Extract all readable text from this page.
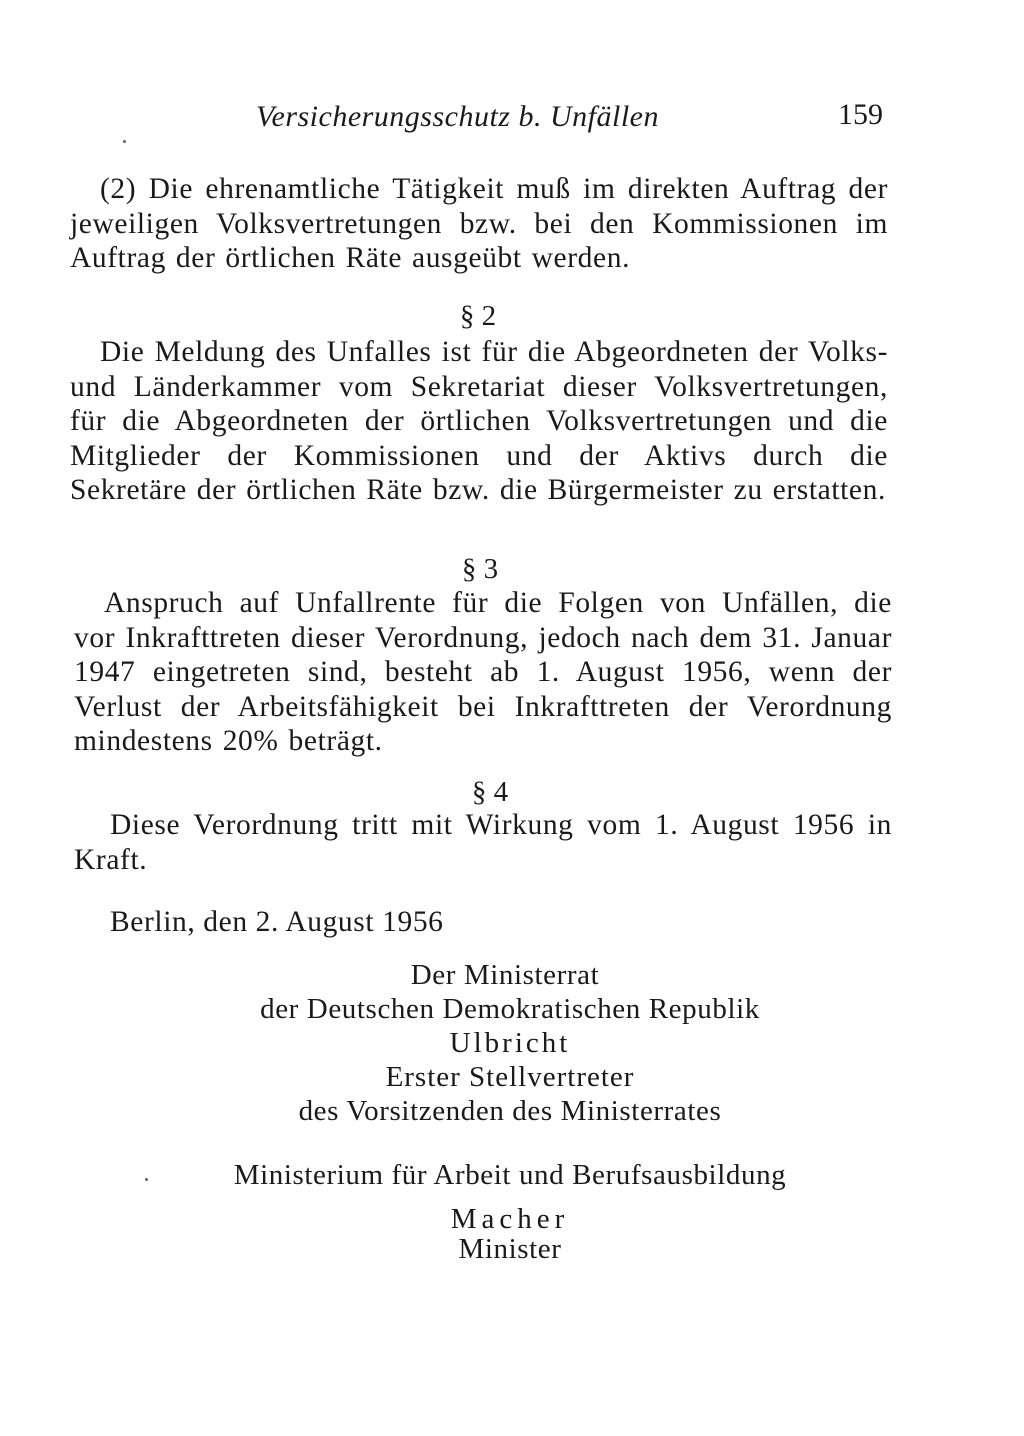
Versicherungsschutz b. Unfällen	159
(2) Die ehrenamtliche Tätigkeit muß im direkten Auftrag der jeweiligen Volksvertretungen bzw. bei den Kommissionen im Auftrag der örtlichen Räte ausgeübt werden.
§ 2
Die Meldung des Unfalles ist für die Abgeordneten der Volks- und Länderkammer vom Sekretariat dieser Volksvertretungen, für die Abgeordneten der örtlichen Volksvertretungen und die Mitglieder der Kommissionen und der Aktivs durch die Sekretäre der örtlichen Räte bzw. die Bürgermeister zu erstatten.
§ 3
Anspruch auf Unfallrente für die Folgen von Unfällen, die vor Inkrafttreten dieser Verordnung, jedoch nach dem 31. Januar 1947 eingetreten sind, besteht ab 1. August 1956, wenn der Verlust der Arbeitsfähigkeit bei Inkrafttreten der Verordnung mindestens 20% beträgt.
§ 4
Diese Verordnung tritt mit Wirkung vom 1. August 1956 in Kraft.
Berlin, den 2. August 1956
Der Ministerrat
der Deutschen Demokratischen Republik
Ulbricht
Erster Stellvertreter
des Vorsitzenden des Ministerrates
Ministerium für Arbeit und Berufsausbildung
Macher
Minister
